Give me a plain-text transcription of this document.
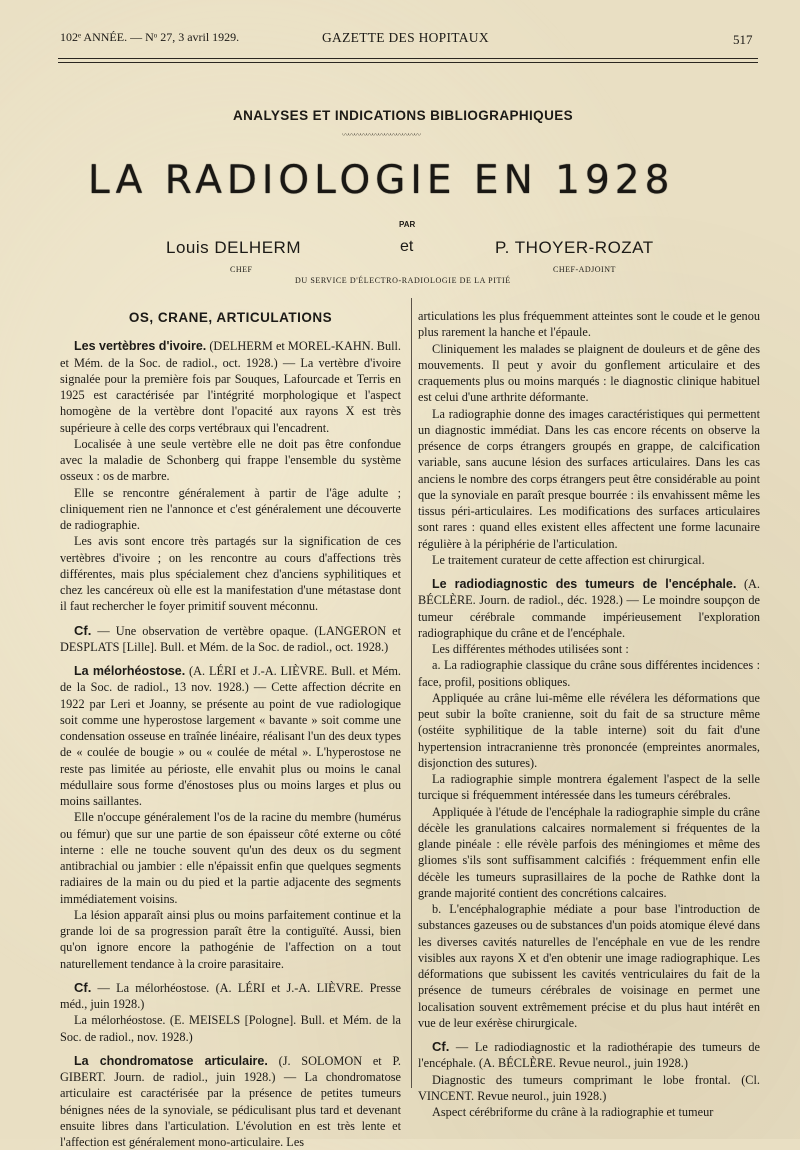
102ᵉ ANNÉE. — Nᵒ 27, 3 avril 1929.	GAZETTE DES HOPITAUX	517
ANALYSES ET INDICATIONS BIBLIOGRAPHIQUES
〰〰〰〰〰〰〰〰〰〰〰〰〰
LA RADIOLOGIE EN 1928
PAR
Louis DELHERM	et	P. THOYER-ROZAT
CHEF	CHEF-ADJOINT
DU SERVICE D'ÉLECTRO-RADIOLOGIE DE LA PITIÉ
OS, CRANE, ARTICULATIONS

Les vertèbres d'ivoire. (DELHERM et MOREL-KAHN. Bull. et Mém. de la Soc. de radiol., oct. 1928.) — La vertèbre d'ivoire signalée pour la première fois par Souques, Lafourcade et Terris en 1925 est caractérisée par l'intégrité morphologique et l'aspect homogène de la vertèbre dont l'opacité aux rayons X est très supérieure à celle des corps vertébraux qui l'encadrent.

Localisée à une seule vertèbre elle ne doit pas être confondue avec la maladie de Schonberg qui frappe l'ensemble du système osseux : os de marbre.

Elle se rencontre généralement à partir de l'âge adulte ; cliniquement rien ne l'annonce et c'est généralement une découverte de radiographie.

Les avis sont encore très partagés sur la signification de ces vertèbres d'ivoire ; on les rencontre au cours d'affections très différentes, mais plus spécialement chez d'anciens syphilitiques et chez les cancéreux où elle est la manifestation d'une métastase dont il faut rechercher le foyer primitif souvent méconnu.

Cf. — Une observation de vertèbre opaque. (LANGERON et DESPLATS [Lille]. Bull. et Mém. de la Soc. de radiol., oct. 1928.)

La mélorhéostose. (A. LÉRI et J.-A. LIÈVRE. Bull. et Mém. de la Soc. de radiol., 13 nov. 1928.) — Cette affection décrite en 1922 par Leri et Joanny, se présente au point de vue radiologique soit comme une hyperostose largement « bavante » soit comme une condensation osseuse en traînée linéaire, réalisant l'un des deux types de « coulée de bougie » ou « coulée de métal ». L'hyperostose ne reste pas limitée au périoste, elle envahit plus ou moins le canal médullaire sous forme d'énostoses plus ou moins larges et plus ou moins saillantes.

Elle n'occupe généralement l'os de la racine du membre (humérus ou fémur) que sur une partie de son épaisseur côté externe ou côté interne : elle ne touche souvent qu'un des deux os du segment antibrachial ou jambier : elle n'épaissit enfin que quelques segments radiaires de la main ou du pied et la partie adjacente des segments immédiatement voisins.

La lésion apparaît ainsi plus ou moins parfaitement continue et la grande loi de sa progression paraît être la contiguïté. Aussi, bien qu'on ignore encore la pathogénie de l'affection on a tout naturellement tendance à la croire parasitaire.

Cf. — La mélorhéostose. (A. LÉRI et J.-A. LIÈVRE. Presse méd., juin 1928.)

La mélorhéostose. (E. MEISELS [Pologne]. Bull. et Mém. de la Soc. de radiol., nov. 1928.)

La chondromatose articulaire. (J. SOLOMON et P. GIBERT. Journ. de radiol., juin 1928.) — La chondromatose articulaire est caractérisée par la présence de petites tumeurs bénignes nées de la synoviale, se pédiculisant plus tard et devenant ensuite libres dans l'articulation. L'évolution en est très lente et l'affection est généralement mono-articulaire. Les

articulations les plus fréquemment atteintes sont le coude et le genou plus rarement la hanche et l'épaule.

Cliniquement les malades se plaignent de douleurs et de gêne des mouvements. Il peut y avoir du gonflement articulaire et des craquements plus ou moins marqués : le diagnostic clinique habituel est celui d'une arthrite déformante.

La radiographie donne des images caractéristiques qui permettent un diagnostic immédiat. Dans les cas encore récents on observe la présence de corps étrangers groupés en grappe, de calcification variable, sans aucune lésion des surfaces articulaires. Dans les cas anciens le nombre des corps étrangers peut être considérable au point que la synoviale en paraît presque bourrée : ils envahissent même les tissus péri-articulaires. Les modifications des surfaces articulaires sont rares : quand elles existent elles affectent une forme lacunaire régulière à la périphérie de l'articulation.

Le traitement curateur de cette affection est chirurgical.

Le radiodiagnostic des tumeurs de l'encéphale. (A. BÉCLÈRE. Journ. de radiol., déc. 1928.) — Le moindre soupçon de tumeur cérébrale commande impérieusement l'exploration radiographique du crâne et de l'encéphale.

Les différentes méthodes utilisées sont :

a. La radiographie classique du crâne sous différentes incidences : face, profil, positions obliques.

Appliquée au crâne lui-même elle révélera les déformations que peut subir la boîte cranienne, soit du fait de sa structure même (ostéite syphilitique de la table interne) soit du fait d'une hypertension intracranienne très prononcée (empreintes anormales, disjonction des sutures).

La radiographie simple montrera également l'aspect de la selle turcique si fréquemment intéressée dans les tumeurs cérébrales.

Appliquée à l'étude de l'encéphale la radiographie simple du crâne décèle les granulations calcaires normalement si fréquentes de la glande pinéale : elle révèle parfois des méningiomes et même des gliomes s'ils sont suffisamment calcifiés : fréquemment enfin elle décèle les tumeurs suprasillaires de la poche de Rathke dont la grande majorité contient des concrétions calcaires.

b. L'encéphalographie médiate a pour base l'introduction de substances gazeuses ou de substances d'un poids atomique élevé dans les diverses cavités naturelles de l'encéphale en vue de les rendre visibles aux rayons X et d'en obtenir une image radiographique. Les déformations que subissent les cavités ventriculaires du fait de la présence de tumeurs cérébrales de voisinage en permet une localisation souvent extrêmement précise et du plus haut intérêt en vue de leur exérèse chirurgicale.

Cf. — Le radiodiagnostic et la radiothérapie des tumeurs de l'encéphale. (A. BÉCLÈRE. Revue neurol., juin 1928.)

Diagnostic des tumeurs comprimant le lobe frontal. (Cl. VINCENT. Revue neurol., juin 1928.)

Aspect cérébriforme du crâne à la radiographie et tumeur
